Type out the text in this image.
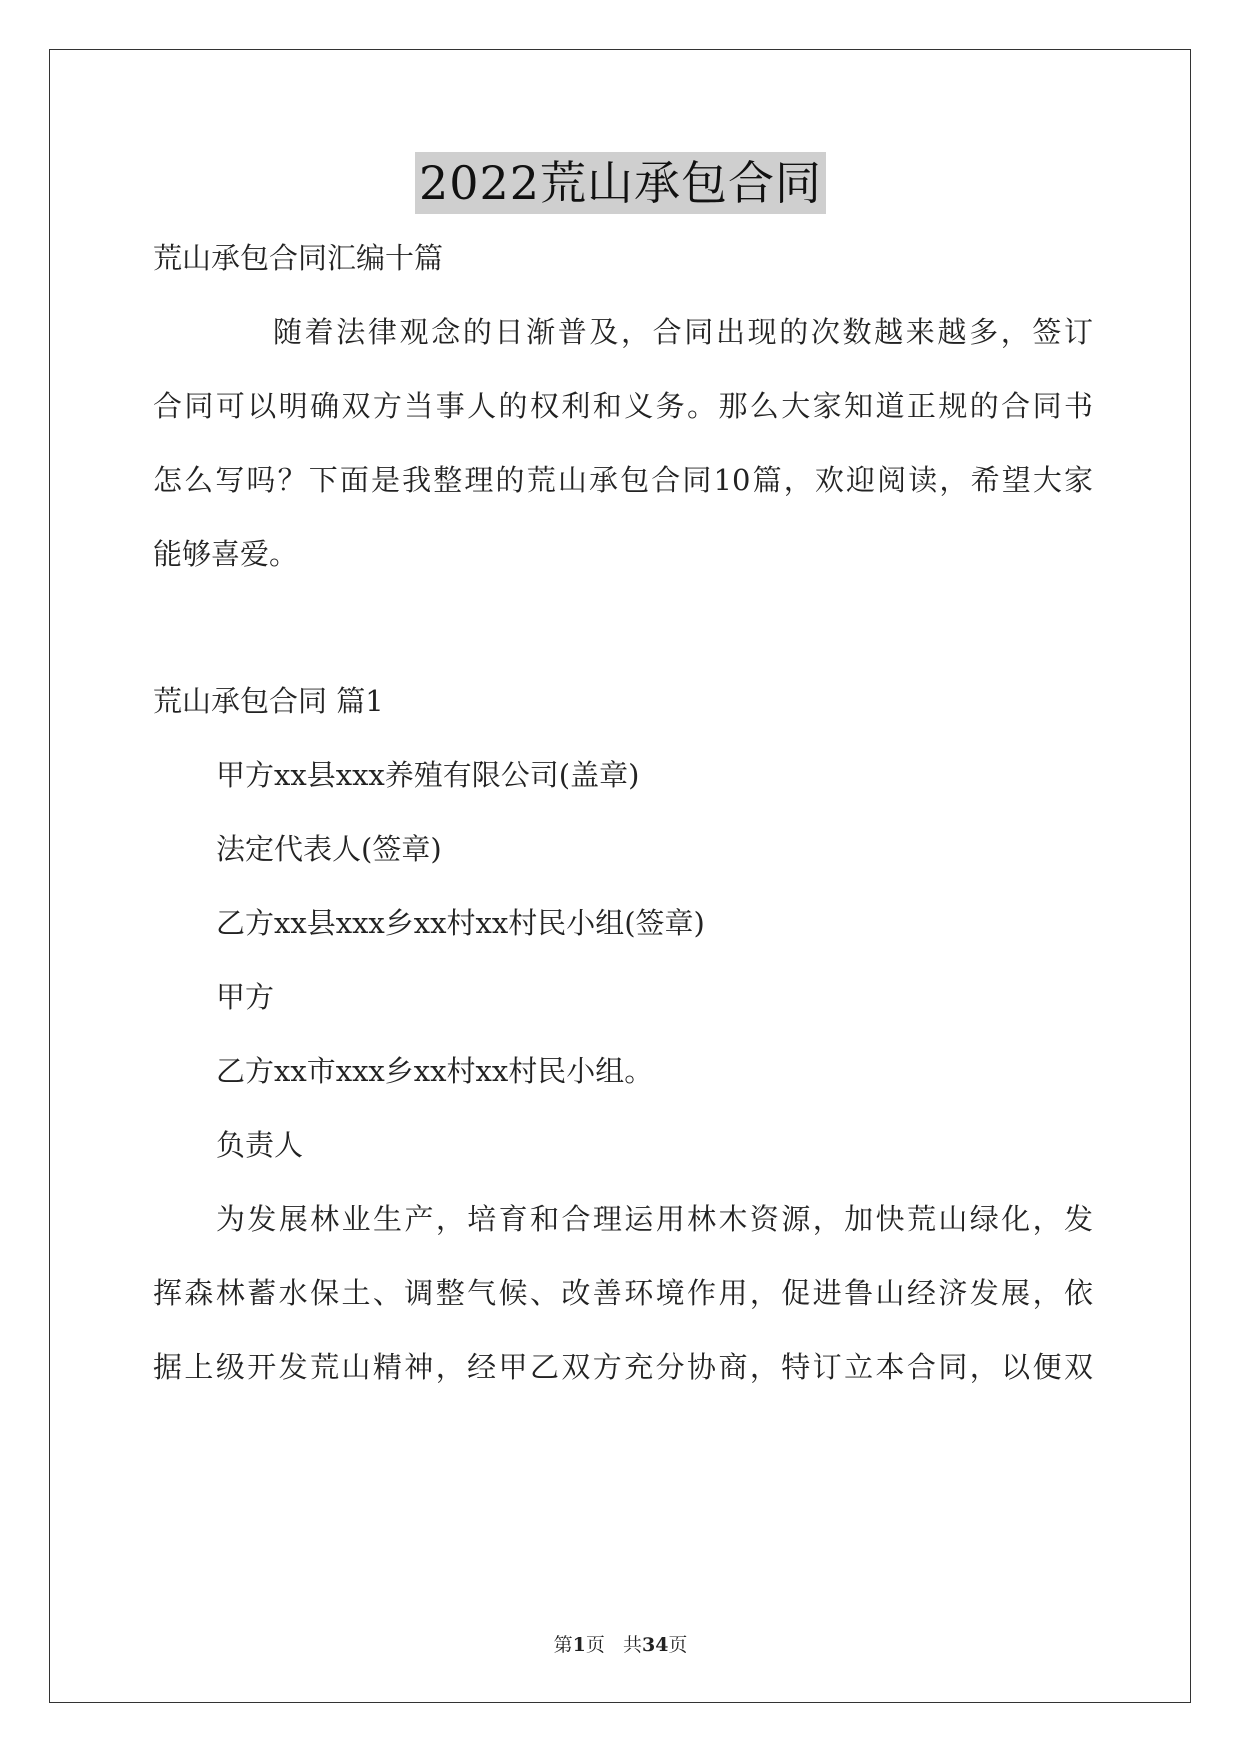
2022荒山承包合同
荒山承包合同汇编十篇
随着法律观念的日渐普及，合同出现的次数越来越多，签订
合同可以明确双方当事人的权利和义务。那么大家知道正规的合同书
怎么写吗？下面是我整理的荒山承包合同10篇，欢迎阅读，希望大家
能够喜爱。
荒山承包合同 篇1
甲方xx县xxx养殖有限公司(盖章)
法定代表人(签章)
乙方xx县xxx乡xx村xx村民小组(签章)
甲方
乙方xx市xxx乡xx村xx村民小组。
负责人
为发展林业生产，培育和合理运用林木资源，加快荒山绿化，发
挥森林蓄水保土、调整气候、改善环境作用，促进鲁山经济发展，依
据上级开发荒山精神，经甲乙双方充分协商，特订立本合同，以便双
第1页 共34页
